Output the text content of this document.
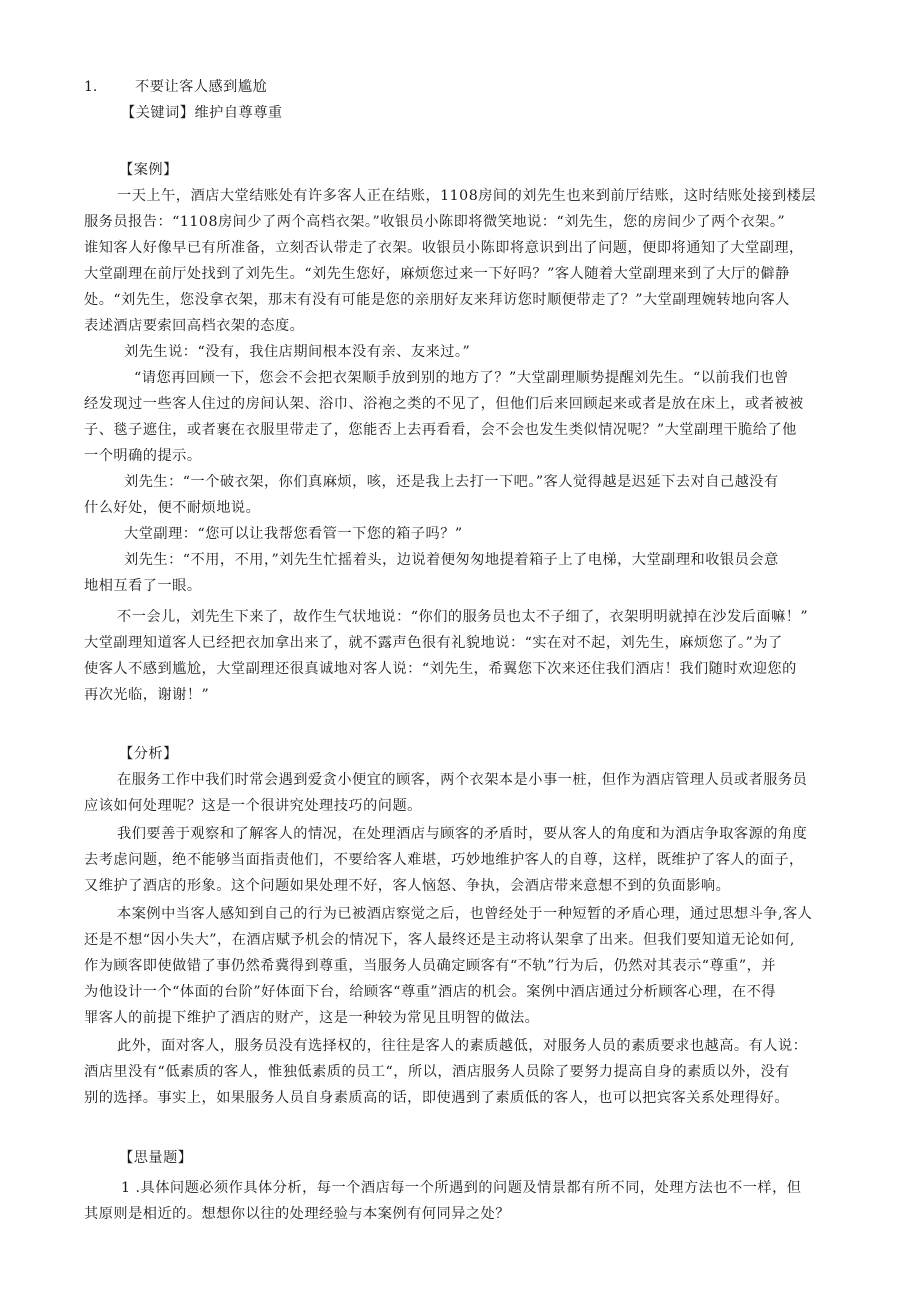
1.	不要让客人感到尴尬
【关键词】维护自尊尊重
【案例】
一天上午，酒店大堂结账处有许多客人正在结账，1108房间的刘先生也来到前厅结账，这时结账处接到楼层
服务员报告：“1108房间少了两个高档衣架。”收银员小陈即将微笑地说：“刘先生，您的房间少了两个衣架。”
谁知客人好像早已有所准备，立刻否认带走了衣架。收银员小陈即将意识到出了问题，便即将通知了大堂副理，
大堂副理在前厅处找到了刘先生。“刘先生您好，麻烦您过来一下好吗？”客人随着大堂副理来到了大厅的僻静
处。“刘先生，您没拿衣架，那末有没有可能是您的亲朋好友来拜访您时顺便带走了？”大堂副理婉转地向客人
表述酒店要索回高档衣架的态度。
刘先生说：“没有，我住店期间根本没有亲、友来过。”
“请您再回顾一下，您会不会把衣架顺手放到别的地方了？”大堂副理顺势提醒刘先生。“以前我们也曾
经发现过一些客人住过的房间认架、浴巾、浴袍之类的不见了，但他们后来回顾起来或者是放在床上，或者被被
子、毯子遮住，或者裹在衣服里带走了，您能否上去再看看，会不会也发生类似情况呢？”大堂副理干脆给了他
一个明确的提示。
刘先生：“一个破衣架，你们真麻烦，咳，还是我上去打一下吧。”客人觉得越是迟延下去对自己越没有
什么好处，便不耐烦地说。
大堂副理：“您可以让我帮您看管一下您的箱子吗？”
刘先生：“不用，不用，”刘先生忙摇着头，边说着便匆匆地提着箱子上了电梯，大堂副理和收银员会意
地相互看了一眼。
不一会儿，刘先生下来了，故作生气状地说：“你们的服务员也太不子细了，衣架明明就掉在沙发后面嘛！”
大堂副理知道客人已经把衣加拿出来了，就不露声色很有礼貌地说：“实在对不起，刘先生，麻烦您了。”为了
使客人不感到尴尬，大堂副理还很真诚地对客人说：“刘先生，希翼您下次来还住我们酒店！我们随时欢迎您的
再次光临，谢谢！”
【分析】
在服务工作中我们时常会遇到爱贪小便宜的顾客，两个衣架本是小事一桩，但作为酒店管理人员或者服务员
应该如何处理呢？这是一个很讲究处理技巧的问题。
我们要善于观察和了解客人的情况，在处理酒店与顾客的矛盾时，要从客人的角度和为酒店争取客源的角度
去考虑问题，绝不能够当面指责他们，不要给客人难堪，巧妙地维护客人的自尊，这样，既维护了客人的面子，
又维护了酒店的形象。这个问题如果处理不好，客人恼怒、争执，会酒店带来意想不到的负面影响。
本案例中当客人感知到自己的行为已被酒店察觉之后，也曾经处于一种短暂的矛盾心理，通过思想斗争,客人
还是不想“因小失大”，在酒店赋予机会的情况下，客人最终还是主动将认架拿了出来。但我们要知道无论如何,
作为顾客即使做错了事仍然希冀得到尊重，当服务人员确定顾客有“不轨”行为后，仍然对其表示“尊重”，并
为他设计一个“体面的台阶”好体面下台，给顾客“尊重”酒店的机会。案例中酒店通过分析顾客心理，在不得
罪客人的前提下维护了酒店的财产，这是一种较为常见且明智的做法。
此外，面对客人，服务员没有选择权的，往往是客人的素质越低，对服务人员的素质要求也越高。有人说：
酒店里没有“低素质的客人，惟独低素质的员工“，所以，酒店服务人员除了要努力提高自身的素质以外，没有
别的选择。事实上，如果服务人员自身素质高的话，即使遇到了素质低的客人，也可以把宾客关系处理得好。
【思量题】
1 .具体问题必须作具体分析，每一个酒店每一个所遇到的问题及情景都有所不同，处理方法也不一样，但
其原则是相近的。想想你以往的处理经验与本案例有何同异之处？
